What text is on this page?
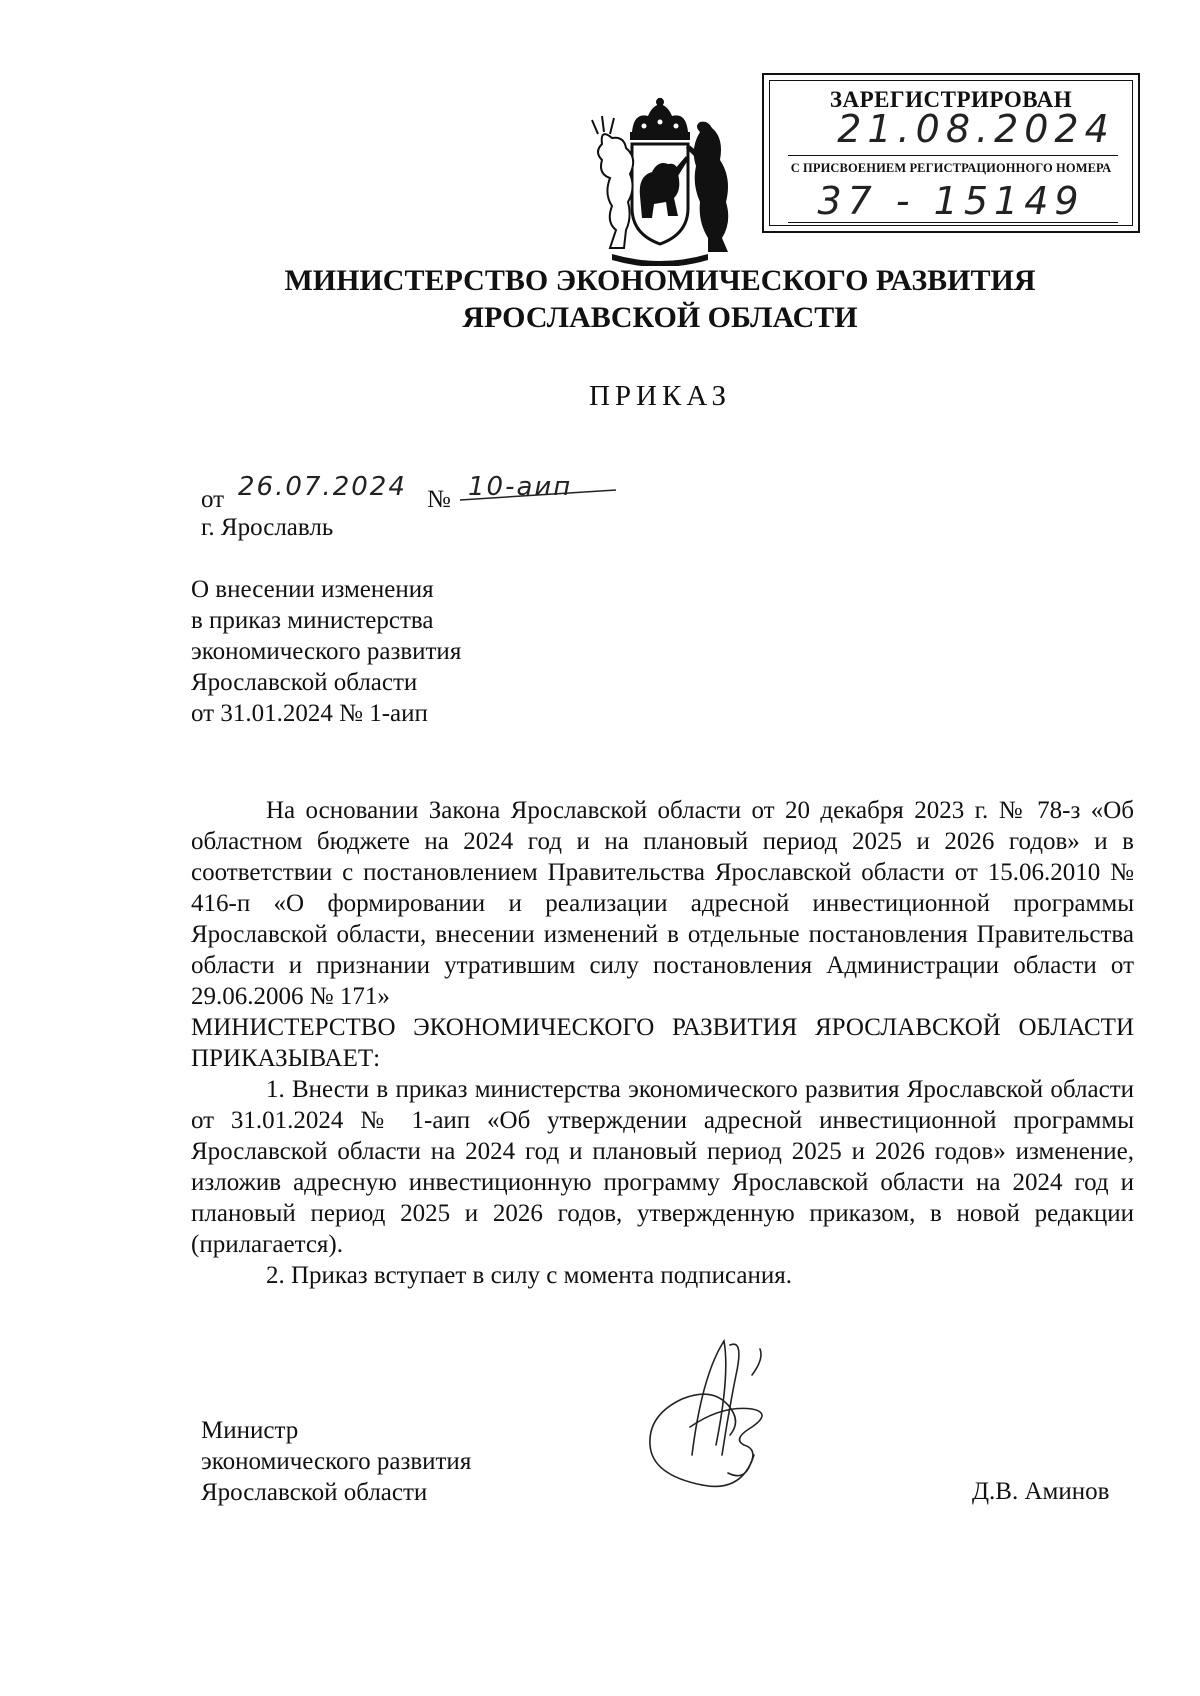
ЗАРЕГИСТРИРОВАН
21.08.2024
С ПРИСВОЕНИЕМ РЕГИСТРАЦИОННОГО НОМЕРА
37 - 15149
МИНИСТЕРСТВО ЭКОНОМИЧЕСКОГО РАЗВИТИЯ
ЯРОСЛАВСКОЙ ОБЛАСТИ
ПРИКАЗ
от 26.07.2024 № 10-аип
г. Ярославль
О внесении изменения
в приказ министерства
экономического развития
Ярославской области
от 31.01.2024 № 1-аип

На основании Закона Ярославской области от 20 декабря 2023 г. № 78-з «Об областном бюджете на 2024 год и на плановый период 2025 и 2026 годов» и в соответствии с постановлением Правительства Ярославской области от 15.06.2010 № 416-п «О формировании и реализации адресной инвестиционной программы Ярославской области, внесении изменений в отдельные постановления Правительства области и признании утратившим силу постановления Администрации области от 29.06.2006 № 171»

МИНИСТЕРСТВО ЭКОНОМИЧЕСКОГО РАЗВИТИЯ ЯРОСЛАВСКОЙ ОБЛАСТИ ПРИКАЗЫВАЕТ:

1. Внести в приказ министерства экономического развития Ярославской области от 31.01.2024 № 1-аип «Об утверждении адресной инвестиционной программы Ярославской области на 2024 год и плановый период 2025 и 2026 годов» изменение, изложив адресную инвестиционную программу Ярославской области на 2024 год и плановый период 2025 и 2026 годов, утвержденную приказом, в новой редакции (прилагается).

2. Приказ вступает в силу с момента подписания.

Министр
экономического развития
Ярославской области	Д.В. Аминов
